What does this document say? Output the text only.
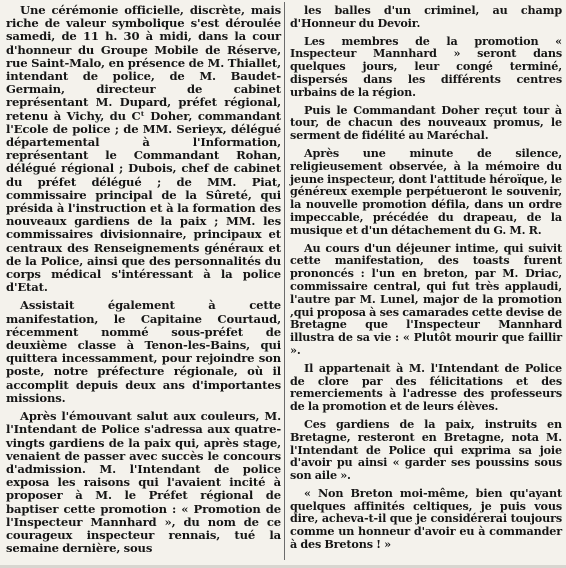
Une cérémonie officielle, discrète, mais riche de valeur symbolique s'est déroulée samedi, de 11 h. 30 à midi, dans la cour d'honneur du Groupe Mobile de Réserve, rue Saint-Malo, en présence de M. Thiallet, intendant de police, de M. Baudet-Germain, directeur de cabinet représentant M. Dupard, préfet régional, retenu à Vichy, du Cᵗ Doher, commandant l'Ecole de police ; de MM. Serieyx, délégué départemental à l'Information, représentant le Commandant Rohan, délégué régional ; Dubois, chef de cabinet du préfet délégué ; de MM. Piat, commissaire principal de la Sûreté, qui présida à l'instruction et à la formation des nouveaux gardiens de la paix ; MM. les commissaires divisionnaire, principaux et centraux des Renseignements généraux et de la Police, ainsi que des personnalités du corps médical s'intéressant à la police d'Etat.

Assistait également à cette manifestation, le Capitaine Courtaud, récemment nommé sous-préfet de deuxième classe à Tenon-les-Bains, qui quittera incessamment, pour rejoindre son poste, notre préfecture régionale, où il accomplit depuis deux ans d'importantes missions.

Après l'émouvant salut aux couleurs, M. l'Intendant de Police s'adressa aux quatre-vingts gardiens de la paix qui, après stage, venaient de passer avec succès le concours d'admission. M. l'Intendant de police exposa les raisons qui l'avaient incité à proposer à M. le Préfet régional de baptiser cette promotion : « Promotion de l'Inspecteur Mannhard », du nom de ce courageux inspecteur rennais, tué la semaine dernière, sous

les balles d'un criminel, au champ d'Honneur du Devoir.

Les membres de la promotion « Inspecteur Mannhard » seront dans quelques jours, leur congé terminé, dispersés dans les différents centres urbains de la région.

Puis le Commandant Doher reçut tour à tour, de chacun des nouveaux promus, le serment de fidélité au Maréchal.

Après une minute de silence, religieusement observée, à la mémoire du jeune inspecteur, dont l'attitude héroïque, le généreux exemple perpétueront le souvenir, la nouvelle promotion défila, dans un ordre impeccable, précédée du drapeau, de la musique et d'un détachement du G. M. R.

Au cours d'un déjeuner intime, qui suivit cette manifestation, des toasts furent prononcés : l'un en breton, par M. Driac, commissaire central, qui fut très applaudi, l'autre par M. Lunel, major de la promotion ,qui proposa à ses camarades cette devise de Bretagne que l'Inspecteur Mannhard illustra de sa vie : « Plutôt mourir que faillir ».

Il appartenait à M. l'Intendant de Police de clore par des félicitations et des remerciements à l'adresse des professeurs de la promotion et de leurs élèves.

Ces gardiens de la paix, instruits en Bretagne, resteront en Bretagne, nota M. l'Intendant de Police qui exprima sa joie d'avoir pu ainsi « garder ses poussins sous son aile ».

« Non Breton moi-même, bien qu'ayant quelques affinités celtiques, je puis vous dire, acheva-t-il que je considérerai toujours comme un honneur d'avoir eu à commander à des Bretons ! »
